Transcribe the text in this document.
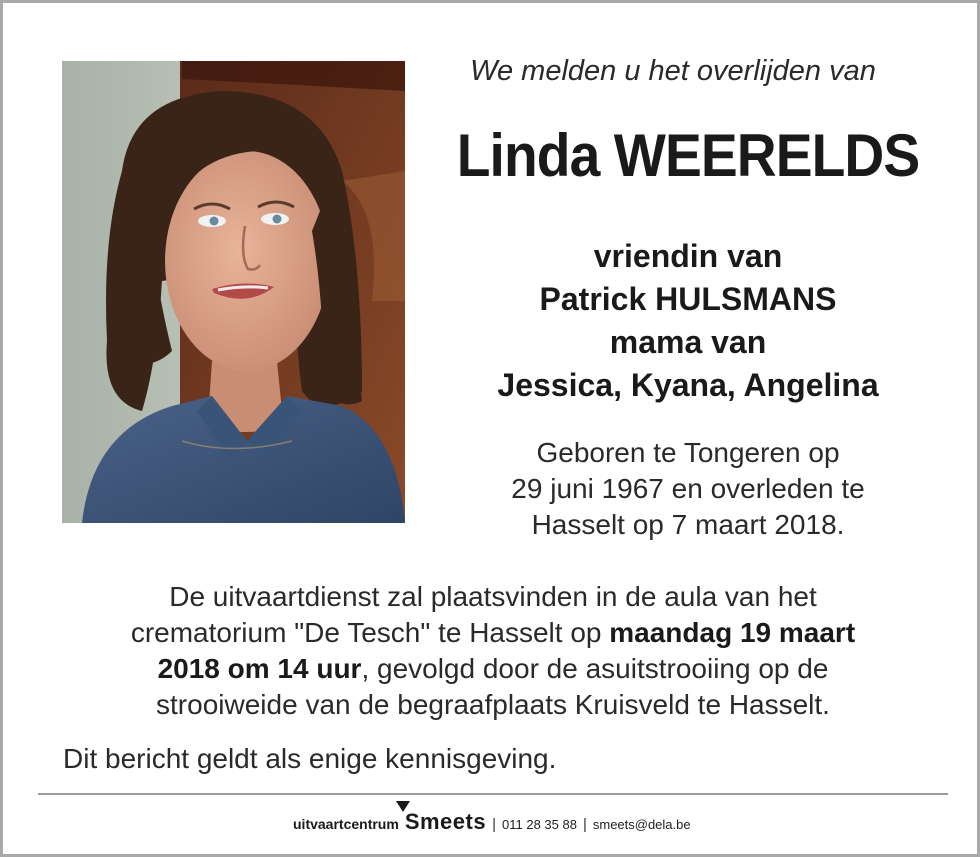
We melden u het overlijden van
Linda WEERELDS
vriendin van
Patrick HULSMANS
mama van
Jessica, Kyana, Angelina
Geboren te Tongeren op
29 juni 1967 en overleden te
Hasselt op 7 maart 2018.
De uitvaartdienst zal plaatsvinden in de aula van het
crematorium "De Tesch" te Hasselt op maandag 19 maart
2018 om 14 uur, gevolgd door de asuitstrooiing op de
strooiweide van de begraafplaats Kruisveld te Hasselt.
Dit bericht geldt als enige kennisgeving.
uitvaartcentrum Smeets | 011 28 35 88 | smeets@dela.be
